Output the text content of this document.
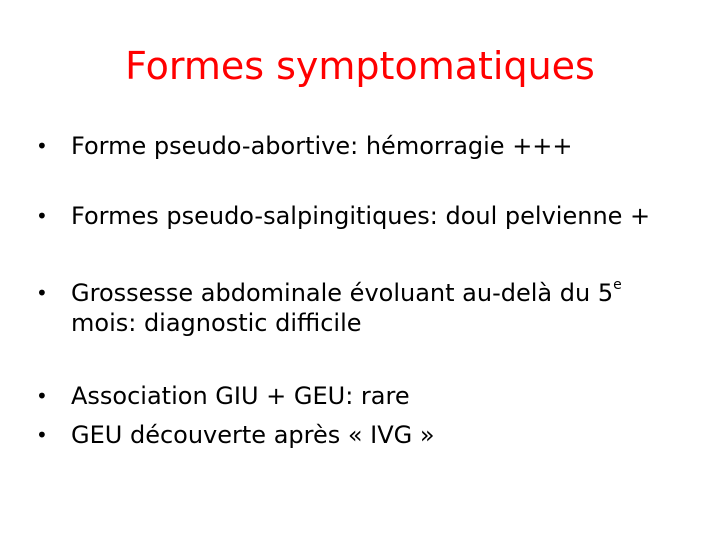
Formes symptomatiques
• Forme pseudo-abortive: hémorragie +++
• Formes pseudo-salpingitiques: doul pelvienne +
• Grossesse abdominale évoluant au-delà du 5e
mois: diagnostic difficile
• Association GIU + GEU: rare
• GEU découverte après « IVG »
